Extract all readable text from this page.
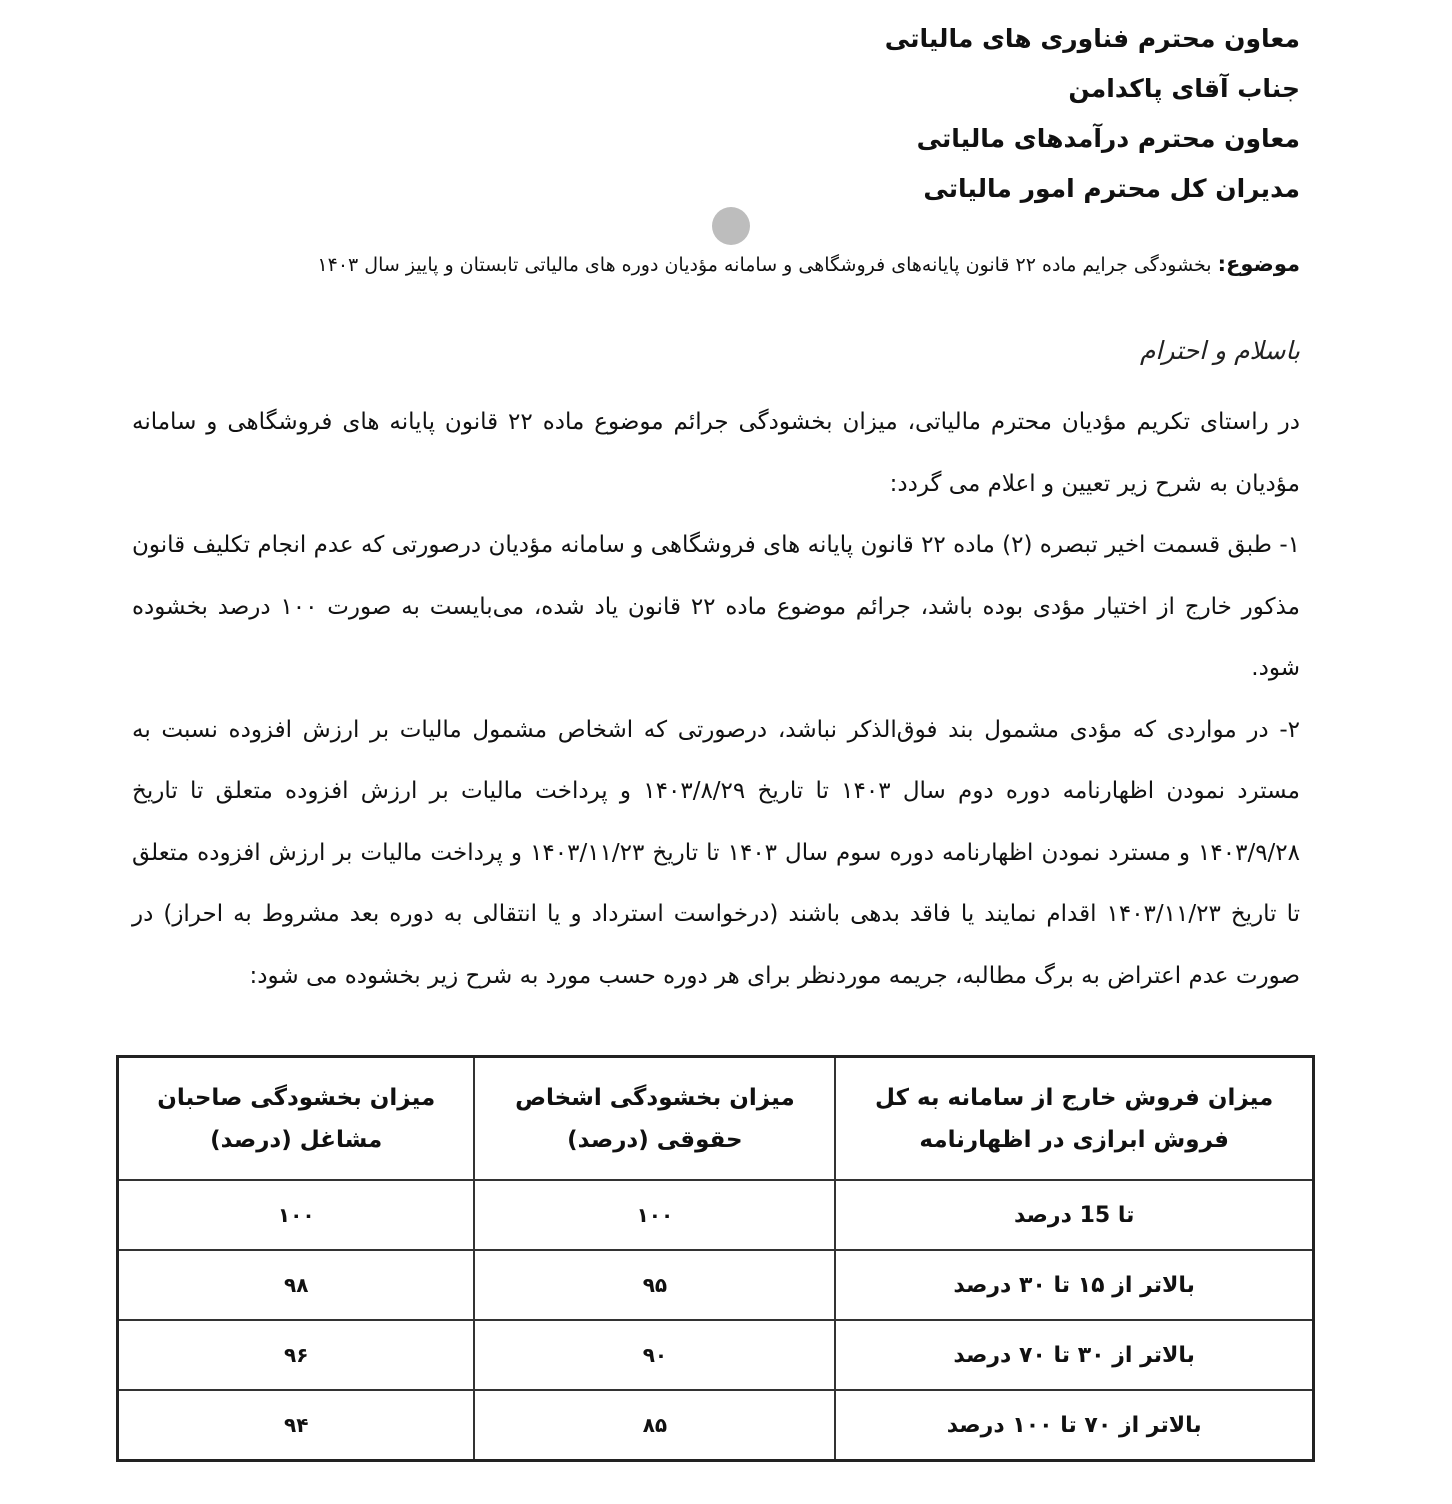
معاون محترم فناوری های مالیاتی
جناب آقای پاکدامن
معاون محترم درآمدهای مالیاتی
مدیران کل محترم امور مالیاتی
موضوع: بخشودگی جرایم ماده ۲۲ قانون پایانه‌های فروشگاهی و سامانه مؤدیان دوره های مالیاتی تابستان و پاییز سال ۱۴۰۳
باسلام و احترام

در راستای تکریم مؤدیان محترم مالیاتی، میزان بخشودگی جرائم موضوع ماده ۲۲ قانون پایانه های فروشگاهی و سامانه مؤدیان به شرح زیر تعیین و اعلام می گردد:

۱- طبق قسمت اخیر تبصره (۲) ماده ۲۲ قانون پایانه های فروشگاهی و سامانه مؤدیان درصورتی که عدم انجام تکلیف قانون مذکور خارج از اختیار مؤدی بوده باشد، جرائم موضوع ماده ۲۲ قانون یاد شده، می‌بایست به صورت ۱۰۰ درصد بخشوده شود.

۲- در مواردی که مؤدی مشمول بند فوق‌الذکر نباشد، درصورتی که اشخاص مشمول مالیات بر ارزش افزوده نسبت به مسترد نمودن اظهارنامه دوره دوم سال ۱۴۰۳ تا تاریخ ۱۴۰۳/۸/۲۹ و پرداخت مالیات بر ارزش افزوده متعلق تا تاریخ ۱۴۰۳/۹/۲۸ و مسترد نمودن اظهارنامه دوره سوم سال ۱۴۰۳ تا تاریخ ۱۴۰۳/۱۱/۲۳ و پرداخت مالیات بر ارزش افزوده متعلق تا تاریخ ۱۴۰۳/۱۱/۲۳ اقدام نمایند یا فاقد بدهی باشند (درخواست استرداد و یا انتقالی به دوره بعد مشروط به احراز) در صورت عدم اعتراض به برگ مطالبه، جریمه موردنظر برای هر دوره حسب مورد به شرح زیر بخشوده می شود:

میزان فروش خارج از سامانه به کل فروش ابرازی در اظهارنامه	میزان بخشودگی اشخاص حقوقی (درصد)	میزان بخشودگی صاحبان مشاغل (درصد)
تا 15 درصد	۱۰۰	۱۰۰
بالاتر از ۱۵ تا ۳۰ درصد	۹۵	۹۸
بالاتر از ۳۰ تا ۷۰ درصد	۹۰	۹۶
بالاتر از ۷۰ تا ۱۰۰ درصد	۸۵	۹۴
